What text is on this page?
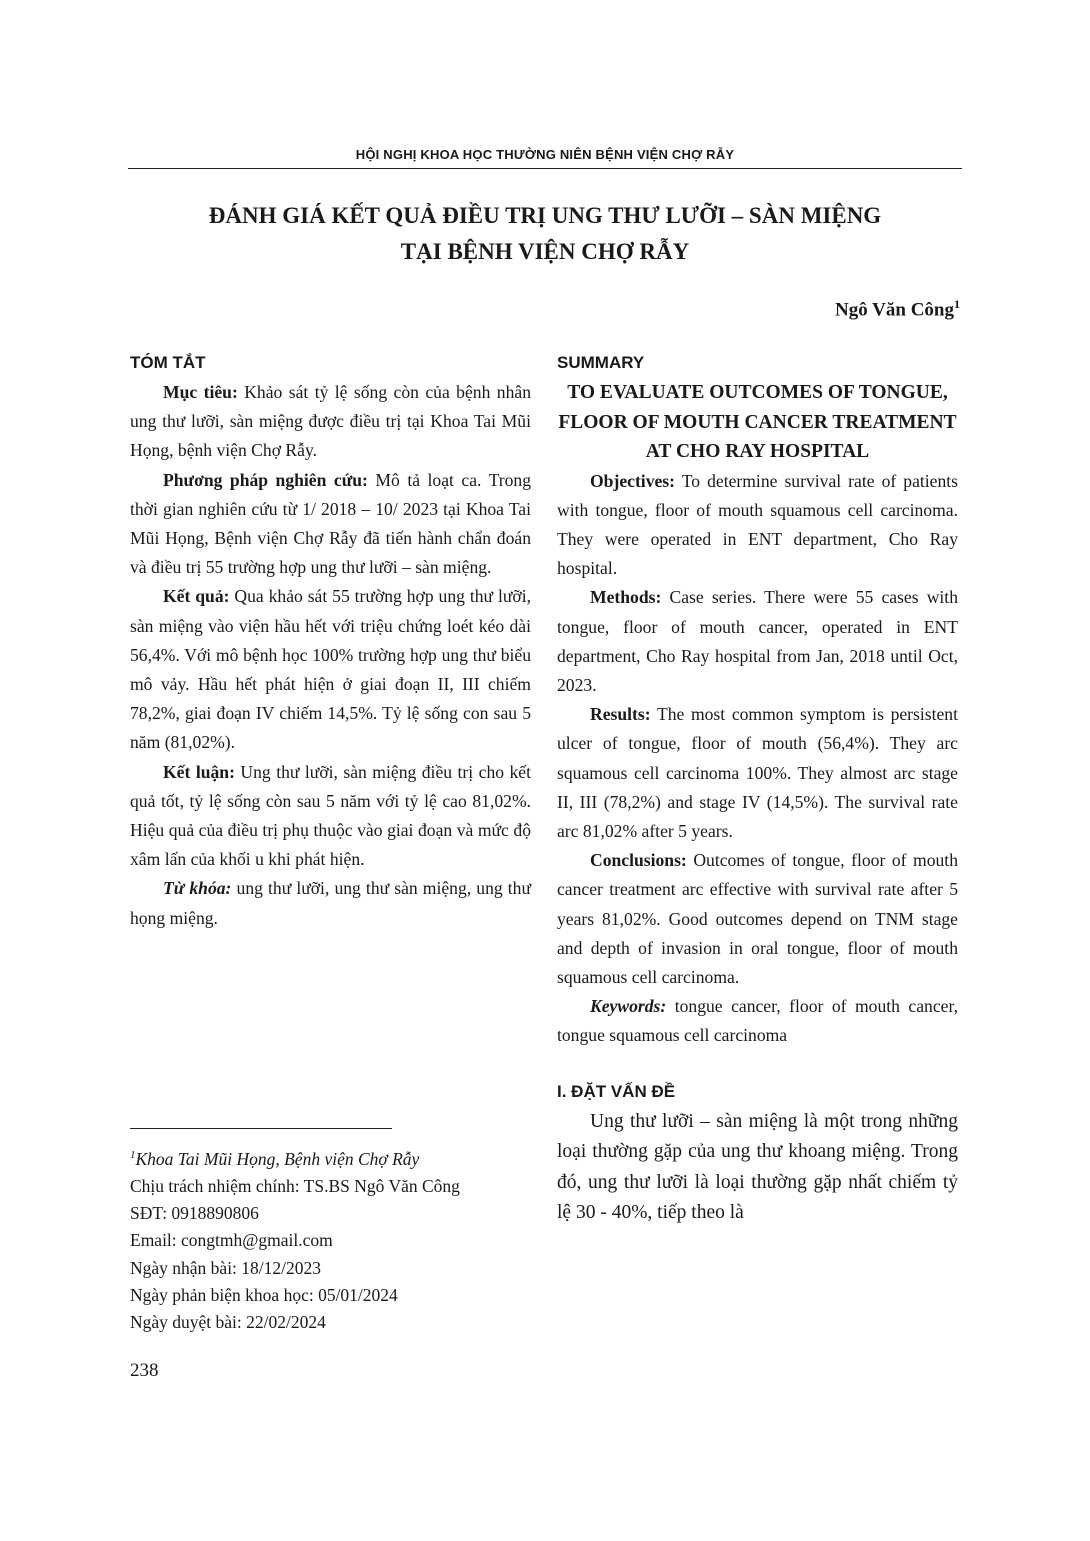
HỘI NGHỊ KHOA HỌC THƯỜNG NIÊN BỆNH VIỆN CHỢ RẪY
ĐÁNH GIÁ KẾT QUẢ ĐIỀU TRỊ UNG THƯ LƯỠI – SÀN MIỆNG
TẠI BỆNH VIỆN CHỢ RẪY
Ngô Văn Công$^1$
TÓM TẮT

Mục tiêu: Khảo sát tỷ lệ sống còn của bệnh nhân ung thư lưỡi, sàn miệng được điều trị tại Khoa Tai Mũi Họng, bệnh viện Chợ Rẫy.

Phương pháp nghiên cứu: Mô tả loạt ca. Trong thời gian nghiên cứu từ 1/ 2018 – 10/ 2023 tại Khoa Tai Mũi Họng, Bệnh viện Chợ Rẫy đã tiến hành chẩn đoán và điều trị 55 trường hợp ung thư lưỡi – sàn miệng.

Kết quả: Qua khảo sát 55 trường hợp ung thư lưỡi, sàn miệng vào viện hầu hết với triệu chứng loét kéo dài 56,4%. Với mô bệnh học 100% trường hợp ung thư biểu mô vảy. Hầu hết phát hiện ở giai đoạn II, III chiếm 78,2%, giai đoạn IV chiếm 14,5%. Tỷ lệ sống con sau 5 năm (81,02%).

Kết luận: Ung thư lưỡi, sàn miệng điều trị cho kết quả tốt, tỷ lệ sống còn sau 5 năm với tỷ lệ cao 81,02%. Hiệu quả của điều trị phụ thuộc vào giai đoạn và mức độ xâm lấn của khối u khi phát hiện.

Từ khóa: ung thư lưỡi, ung thư sàn miệng, ung thư họng miệng.

SUMMARY

TO EVALUATE OUTCOMES OF TONGUE, FLOOR OF MOUTH CANCER TREATMENT AT CHO RAY HOSPITAL

Objectives: To determine survival rate of patients with tongue, floor of mouth squamous cell carcinoma. They were operated in ENT department, Cho Ray hospital.

Methods: Case series. There were 55 cases with tongue, floor of mouth cancer, operated in ENT department, Cho Ray hospital from Jan, 2018 until Oct, 2023.

Results: The most common symptom is persistent ulcer of tongue, floor of mouth (56,4%). They arc squamous cell carcinoma 100%. They almost arc stage II, III (78,2%) and stage IV (14,5%). The survival rate arc 81,02% after 5 years.

Conclusions: Outcomes of tongue, floor of mouth cancer treatment arc effective with survival rate after 5 years 81,02%. Good outcomes depend on TNM stage and depth of invasion in oral tongue, floor of mouth squamous cell carcinoma.

Keywords: tongue cancer, floor of mouth cancer, tongue squamous cell carcinoma

I. ĐẶT VẤN ĐỀ

Ung thư lưỡi – sàn miệng là một trong những loại thường gặp của ung thư khoang miệng. Trong đó, ung thư lưỡi là loại thường gặp nhất chiếm tỷ lệ 30 - 40%, tiếp theo là

$^1$Khoa Tai Mũi Họng, Bệnh viện Chợ Rẫy
Chịu trách nhiệm chính: TS.BS Ngô Văn Công
SĐT: 0918890806
Email: congtmh@gmail.com
Ngày nhận bài: 18/12/2023
Ngày phản biện khoa học: 05/01/2024
Ngày duyệt bài: 22/02/2024
238
